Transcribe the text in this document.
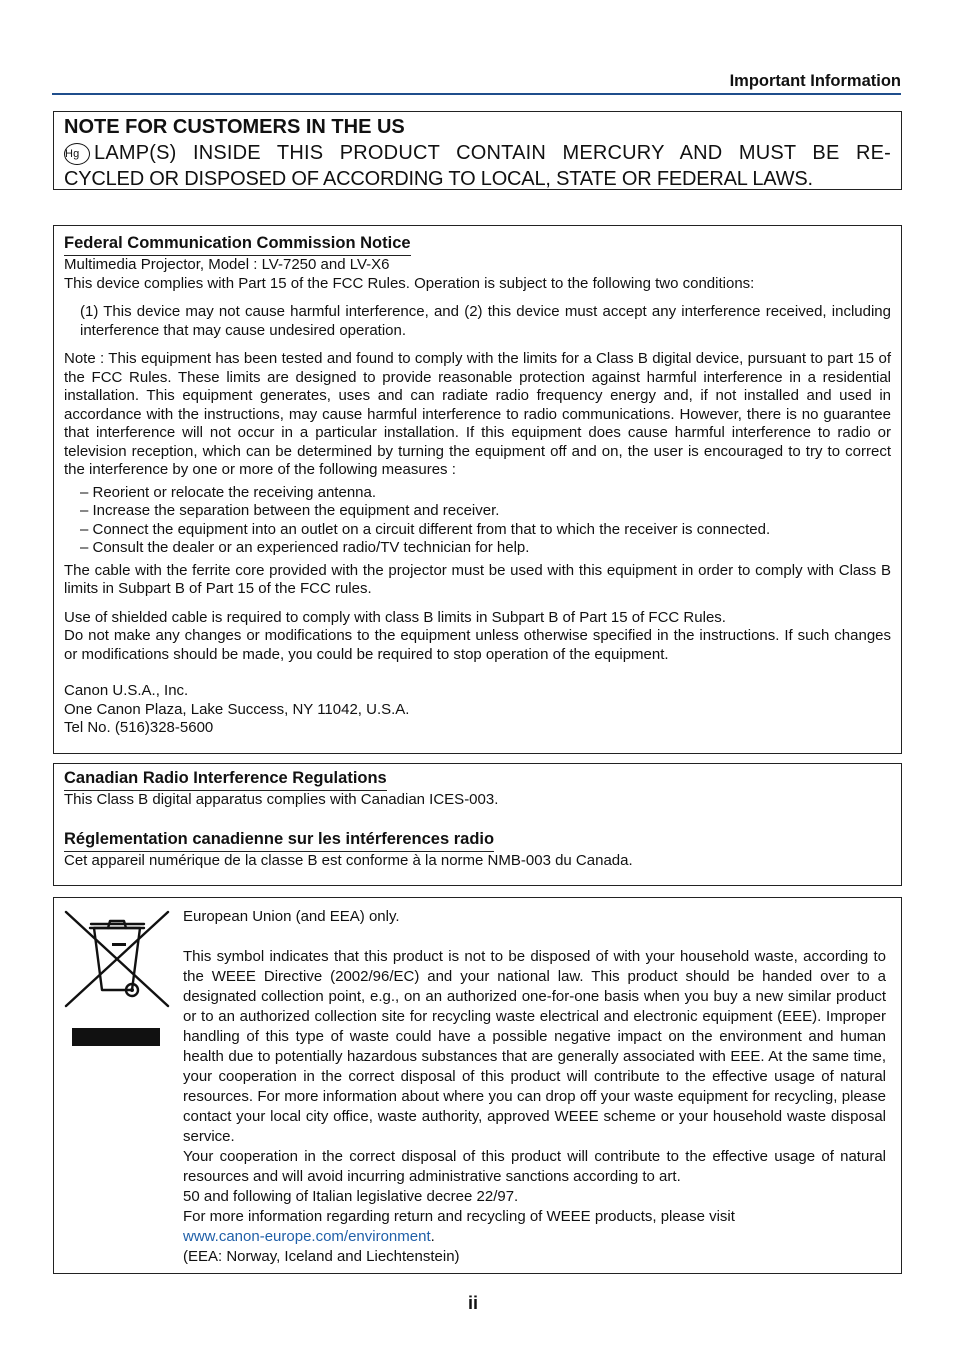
Important Information
NOTE FOR CUSTOMERS IN THE US
Hg LAMP(S) INSIDE THIS PRODUCT CONTAIN MERCURY AND MUST BE RE-
CYCLED OR DISPOSED OF ACCORDING TO LOCAL, STATE OR FEDERAL LAWS.
Federal Communication Commission Notice
Multimedia Projector, Model : LV-7250 and LV-X6
This device complies with Part 15 of the FCC Rules. Operation is subject to the following two conditions:
(1) This device may not cause harmful interference, and (2) this device must accept any interference received, including interference that may cause undesired operation.
Note : This equipment has been tested and found to comply with the limits for a Class B digital device, pursuant to part 15 of the FCC Rules. These limits are designed to provide reasonable protection against harmful interference in a residential installation. This equipment generates, uses and can radiate radio frequency energy and, if not installed and used in accordance with the instructions, may cause harmful interference to radio communications. However, there is no guarantee that interference will not occur in a particular installation. If this equipment does cause harmful interference to radio or television reception, which can be determined by turning the equipment off and on, the user is encouraged to try to correct the interference by one or more of the following measures :
– Reorient or relocate the receiving antenna.
– Increase the separation between the equipment and receiver.
– Connect the equipment into an outlet on a circuit different from that to which the receiver is connected.
– Consult the dealer or an experienced radio/TV technician for help.
The cable with the ferrite core provided with the projector must be used with this equipment in order to comply with Class B limits in Subpart B of Part 15 of the FCC rules.
Use of shielded cable is required to comply with class B limits in Subpart B of Part 15 of FCC Rules.
Do not make any changes or modifications to the equipment unless otherwise specified in the instructions. If such changes or modifications should be made, you could be required to stop operation of the equipment.
Canon U.S.A., Inc.
One Canon Plaza, Lake Success, NY 11042, U.S.A.
Tel No. (516)328-5600
Canadian Radio Interference Regulations
This Class B digital apparatus complies with Canadian ICES-003.
Réglementation canadienne sur les intérferences radio
Cet appareil numérique de la classe B est conforme à la norme NMB-003 du Canada.
European Union (and EEA) only.
This symbol indicates that this product is not to be disposed of with your household waste, according to the WEEE Directive (2002/96/EC) and your national law. This product should be handed over to a designated collection point, e.g., on an authorized one-for-one basis when you buy a new similar product or to an authorized collection site for recycling waste electrical and electronic equipment (EEE). Improper handling of this type of waste could have a possible negative impact on the environment and human health due to potentially hazardous substances that are generally associated with EEE. At the same time, your cooperation in the correct disposal of this product will contribute to the effective usage of natural resources. For more information about where you can drop off your waste equipment for recycling, please contact your local city office, waste authority, approved WEEE scheme or your household waste disposal service.
Your cooperation in the correct disposal of this product will contribute to the effective usage of natural resources and will avoid incurring administrative sanctions according to art.
50 and following of Italian legislative decree 22/97.
For more information regarding return and recycling of WEEE products, please visit
www.canon-europe.com/environment.
(EEA: Norway, Iceland and Liechtenstein)
ii
